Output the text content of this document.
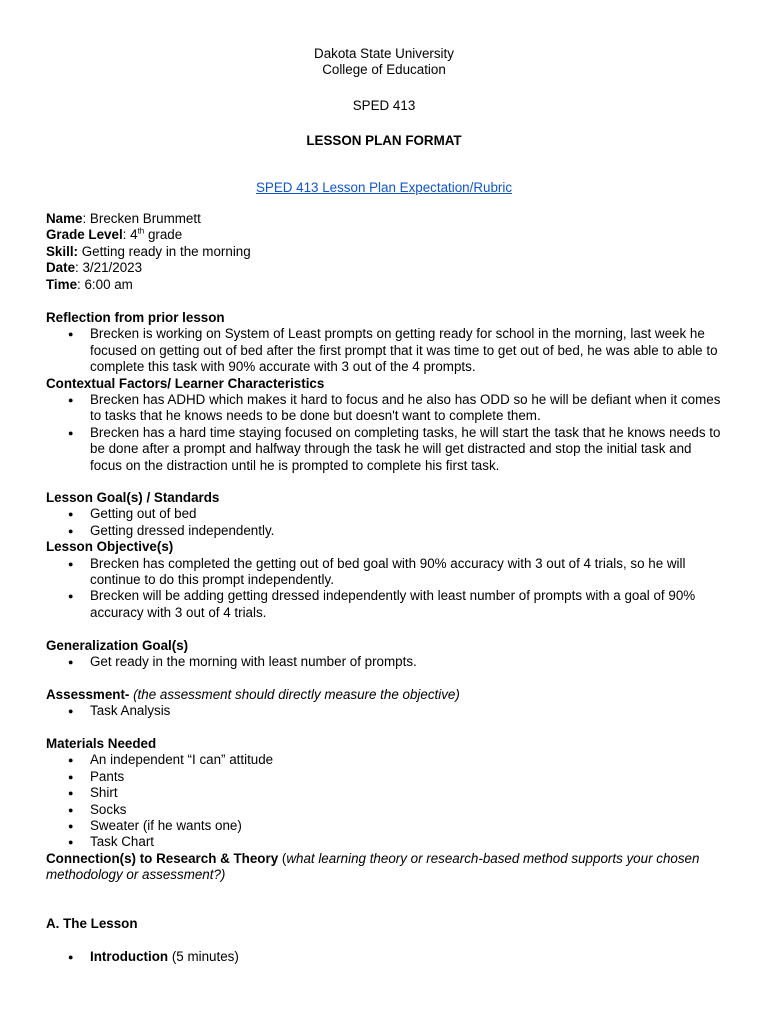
Dakota State University
College of Education
SPED 413
LESSON PLAN FORMAT
SPED 413 Lesson Plan Expectation/Rubric
Name: Brecken Brummett
Grade Level: 4th grade
Skill: Getting ready in the morning
Date: 3/21/2023
Time: 6:00 am
Reflection from prior lesson
● Brecken is working on System of Least prompts on getting ready for school in the morning, last week he focused on getting out of bed after the first prompt that it was time to get out of bed, he was able to able to complete this task with 90% accurate with 3 out of the 4 prompts.
Contextual Factors/ Learner Characteristics
● Brecken has ADHD which makes it hard to focus and he also has ODD so he will be defiant when it comes to tasks that he knows needs to be done but doesn't want to complete them.
● Brecken has a hard time staying focused on completing tasks, he will start the task that he knows needs to be done after a prompt and halfway through the task he will get distracted and stop the initial task and focus on the distraction until he is prompted to complete his first task.
Lesson Goal(s) / Standards
● Getting out of bed
● Getting dressed independently.
Lesson Objective(s)
● Brecken has completed the getting out of bed goal with 90% accuracy with 3 out of 4 trials, so he will continue to do this prompt independently.
● Brecken will be adding getting dressed independently with least number of prompts with a goal of 90% accuracy with 3 out of 4 trials.
Generalization Goal(s)
● Get ready in the morning with least number of prompts.
Assessment- (the assessment should directly measure the objective)
● Task Analysis
Materials Needed
● An independent “I can” attitude
● Pants
● Shirt
● Socks
● Sweater (if he wants one)
● Task Chart
Connection(s) to Research & Theory (what learning theory or research-based method supports your chosen methodology or assessment?)
A. The Lesson
● Introduction (5 minutes)
